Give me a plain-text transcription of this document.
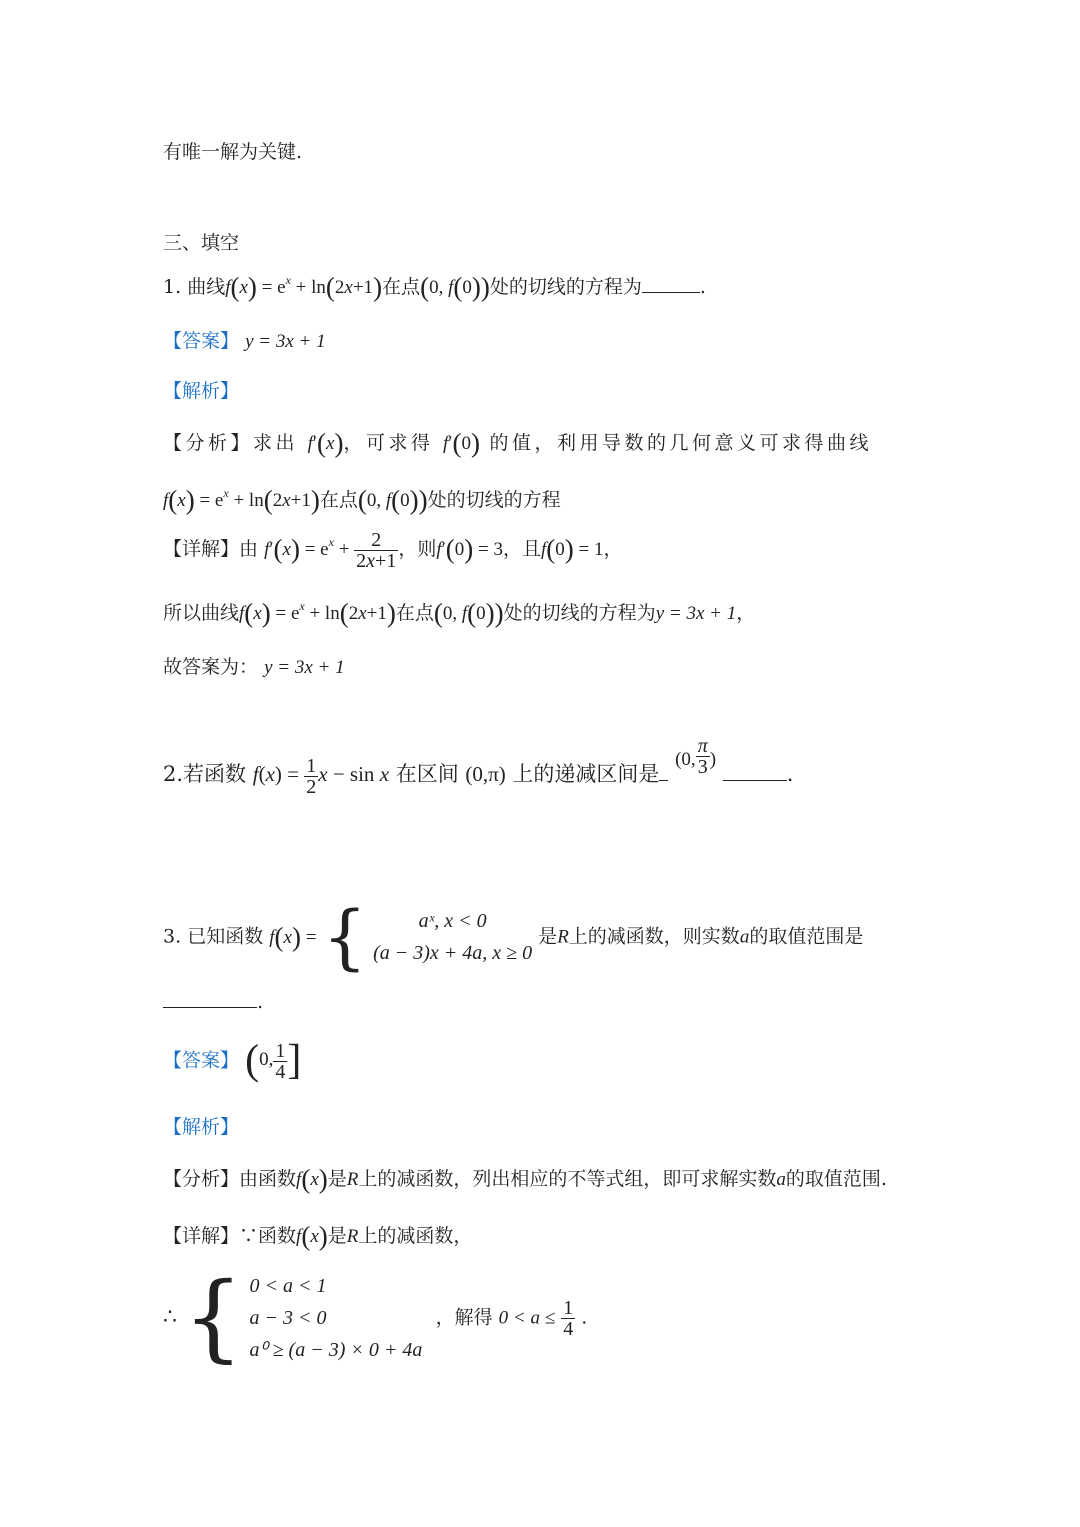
有唯一解为关键.
三、填空
1. 曲线$f(x) = e^x + \ln(2x+1)$在点(0, f(0))处的切线的方程为	.
【答案】 y = 3x + 1
【解析】
【分析】求出 f′(x)，可求得 f′(0) 的值，利用导数的几何意义可求得曲线
$f(x) = e^x + \ln(2x+1)$在点(0, f(0))处的切线的方程
【详解】由 $f'(x) = e^x + \frac{2}{2x+1}$ ，则f′(0) = 3，且f(0) = 1，
所以曲线$f(x) = e^x + \ln(2x+1)$在点(0, f(0))处的切线的方程为y = 3x + 1，
故答案为： y = 3x + 1
2.若函数 $f(x) = \frac{1}{2}$ x − sin x 在区间 (0,π) 上的递减区间是 (0, $\frac{\pi}{3}$ ) .
3. 已知函数 f(x) = {	aˣ, x < 0
(a − 3)x + 4a, x ≥ 0
是R上的减函数，则实数a的取值范围是
.
【答案】 (0, $\frac{1}{4}$ ]
【解析】
【分析】由函数f(x)是R上的减函数，列出相应的不等式组，即可求解实数a的取值范围.
【详解】∵函数f(x)是R上的减函数，
∴ { 0 < a < 1
a − 3 < 0
a⁰ ≥ (a − 3) × 0 + 4a
，解得 $0 < a \le \frac{1}{4}$ .
